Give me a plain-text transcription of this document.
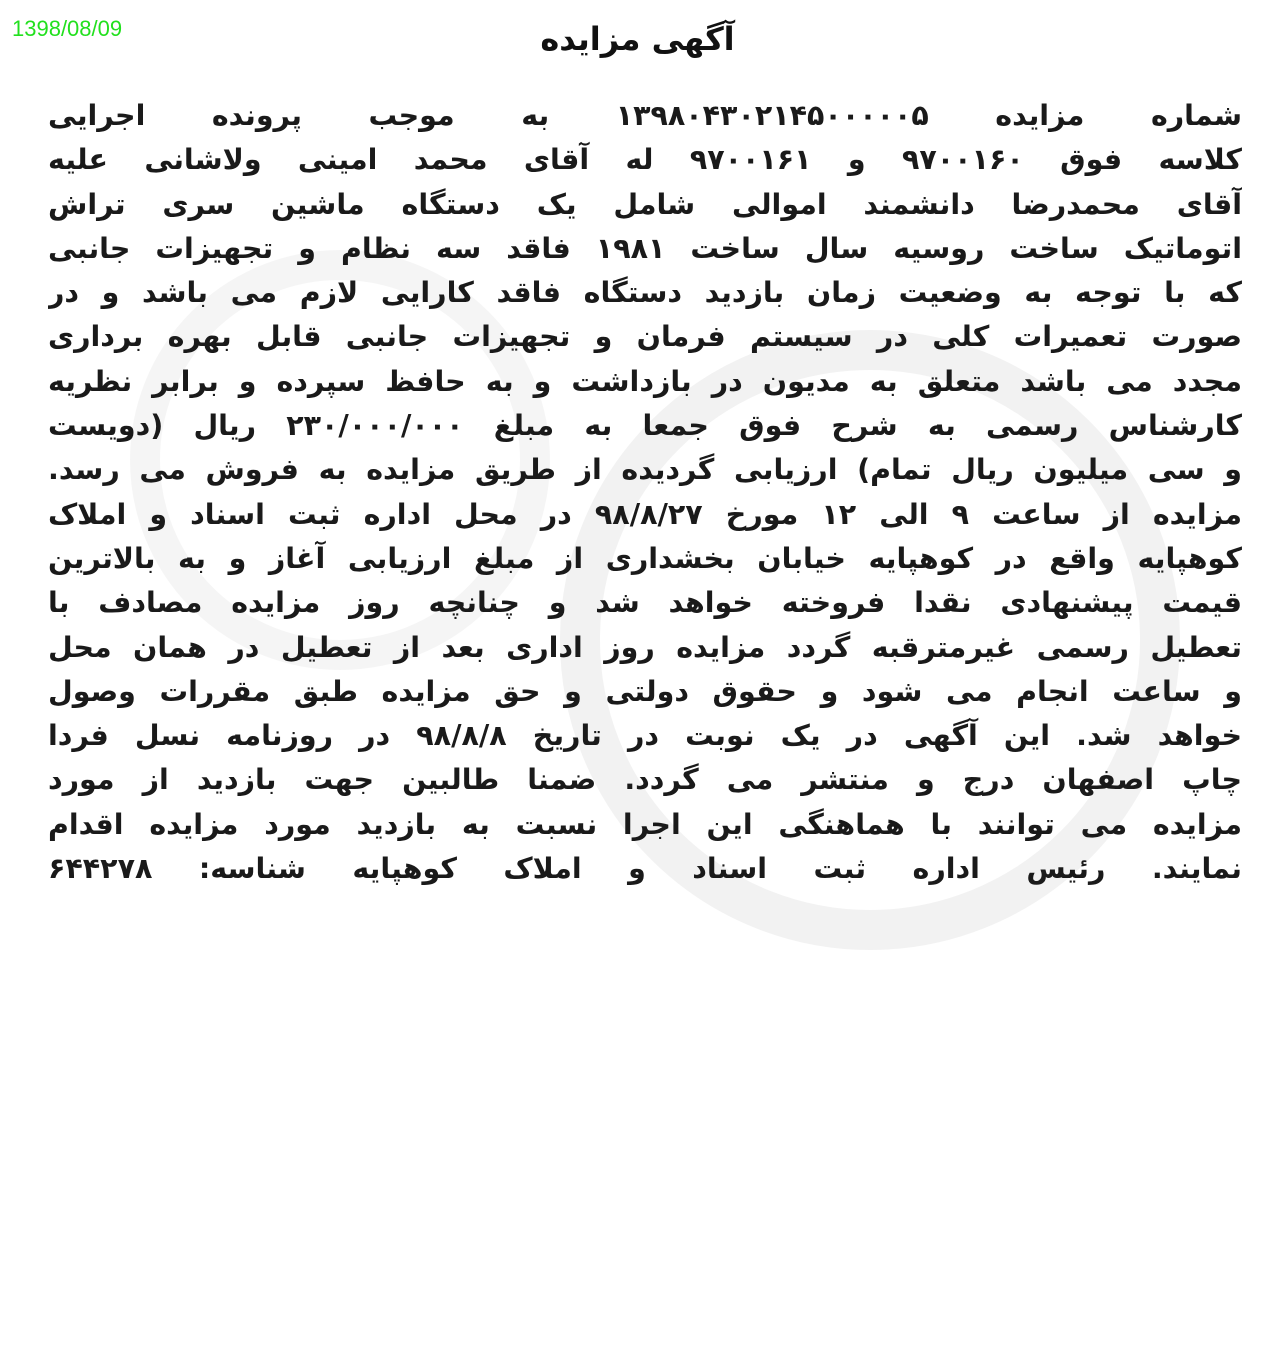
1398/08/09	آگهی مزایده
شماره مزایده ۱۳۹۸۰۴۳۰۲۱۴۵۰۰۰۰۰۵ به موجب پرونده اجرایی
کلاسه فوق ۹۷۰۰۱۶۰ و ۹۷۰۰۱۶۱ له آقای محمد امینی ولاشانی علیه
آقای محمدرضا دانشمند اموالی شامل یک دستگاه ماشین سری تراش
اتوماتیک ساخت روسیه سال ساخت ۱۹۸۱ فاقد سه نظام و تجهیزات جانبی
که با توجه به وضعیت زمان بازدید دستگاه فاقد کارایی لازم می باشد و در
صورت تعمیرات کلی در سیستم فرمان و تجهیزات جانبی قابل بهره برداری
مجدد می باشد متعلق به مدیون در بازداشت و به حافظ سپرده و برابر نظریه
کارشناس رسمی به شرح فوق جمعا به مبلغ ۲۳۰/۰۰۰/۰۰۰ ریال (دویست
و سی میلیون ریال تمام) ارزیابی گردیده از طریق مزایده به فروش می رسد.
مزایده از ساعت ۹ الی ۱۲ مورخ ۹۸/۸/۲۷ در محل اداره ثبت اسناد و املاک
کوهپایه واقع در کوهپایه خیابان بخشداری از مبلغ ارزیابی آغاز و به بالاترین
قیمت پیشنهادی نقدا فروخته خواهد شد و چنانچه روز مزایده مصادف با
تعطیل رسمی غیرمترقبه گردد مزایده روز اداری بعد از تعطیل در همان محل
و ساعت انجام می شود و حقوق دولتی و حق مزایده طبق مقررات وصول
خواهد شد. این آگهی در یک نوبت در تاریخ ۹۸/۸/۸ در روزنامه نسل فردا
چاپ اصفهان درج و منتشر می گردد. ضمنا طالبین جهت بازدید از مورد
مزایده می توانند با هماهنگی این اجرا نسبت به بازدید مورد مزایده اقدام
نمایند. رئیس اداره ثبت اسناد و املاک کوهپایه شناسه: ۶۴۴۲۷۸
